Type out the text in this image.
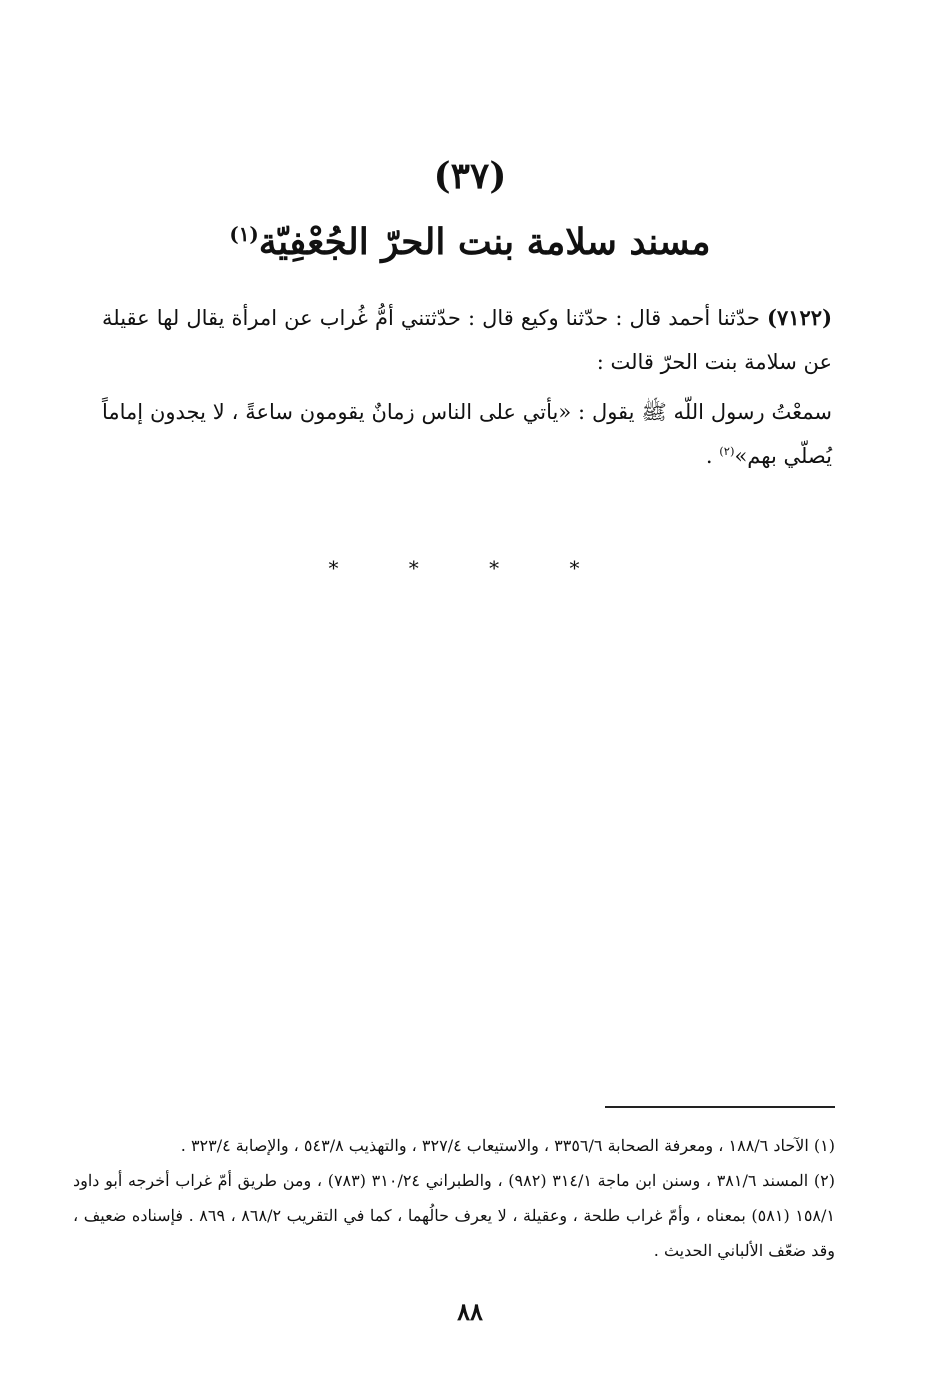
(٣٧)
مسند سلامة بنت الحرّ الجُعْفِيّة$^{(١)}$
(٧١٢٢) حدّثنا أحمد قال : حدّثنا وكيع قال : حدّثتني أمُّ غُراب عن امرأة يقال لها عقيلة عن سلامة بنت الحرّ قالت :
سمعْتُ رسول اللّه ﷺ يقول : «يأتي على الناس زمانٌ يقومون ساعةً ، لا يجدون إماماً يُصلّي بهم»$^{(٢)}$ .
* * * *

(١) الآحاد ١٨٨/٦ ، ومعرفة الصحابة ٣٣٥٦/٦ ، والاستيعاب ٣٢٧/٤ ، والتهذيب ٥٤٣/٨ ، والإصابة ٣٢٣/٤ .

(٢) المسند ٣٨١/٦ ، وسنن ابن ماجة ٣١٤/١ (٩٨٢) ، والطبراني ٣١٠/٢٤ (٧٨٣) ، ومن طريق أمّ غراب أخرجه أبو داود ١٥٨/١ (٥٨١) بمعناه ، وأمّ غراب طلحة ، وعقيلة ، لا يعرف حالُهما ، كما في التقريب ٨٦٨/٢ ، ٨٦٩ . فإسناده ضعيف ، وقد ضعّف الألباني الحديث .

٨٨
